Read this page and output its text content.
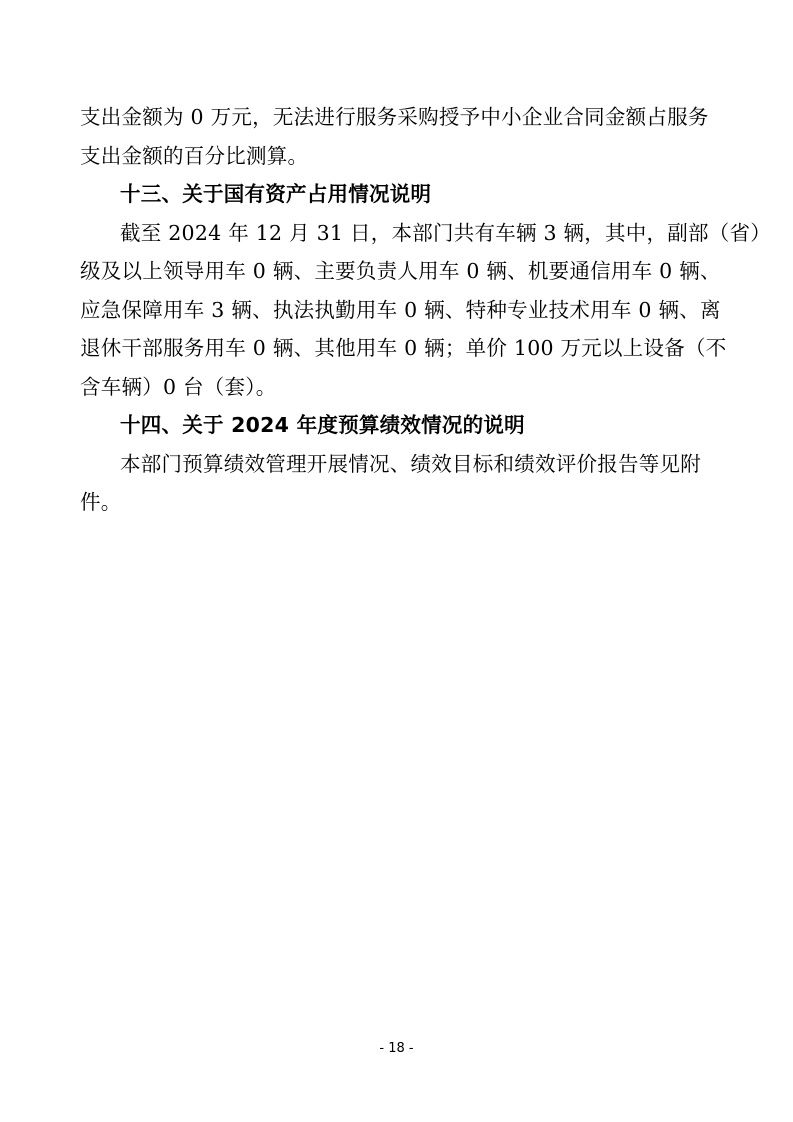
支出金额为 0 万元，无法进行服务采购授予中小企业合同金额占服务
支出金额的百分比测算。
十三、关于国有资产占用情况说明
截至 2024 年 12 月 31 日，本部门共有车辆 3 辆，其中，副部（省）
级及以上领导用车 0 辆、主要负责人用车 0 辆、机要通信用车 0 辆、
应急保障用车 3 辆、执法执勤用车 0 辆、特种专业技术用车 0 辆、离
退休干部服务用车 0 辆、其他用车 0 辆；单价 100 万元以上设备（不
含车辆）0 台（套）。
十四、关于 2024 年度预算绩效情况的说明
本部门预算绩效管理开展情况、绩效目标和绩效评价报告等见附
件。
- 18 -
